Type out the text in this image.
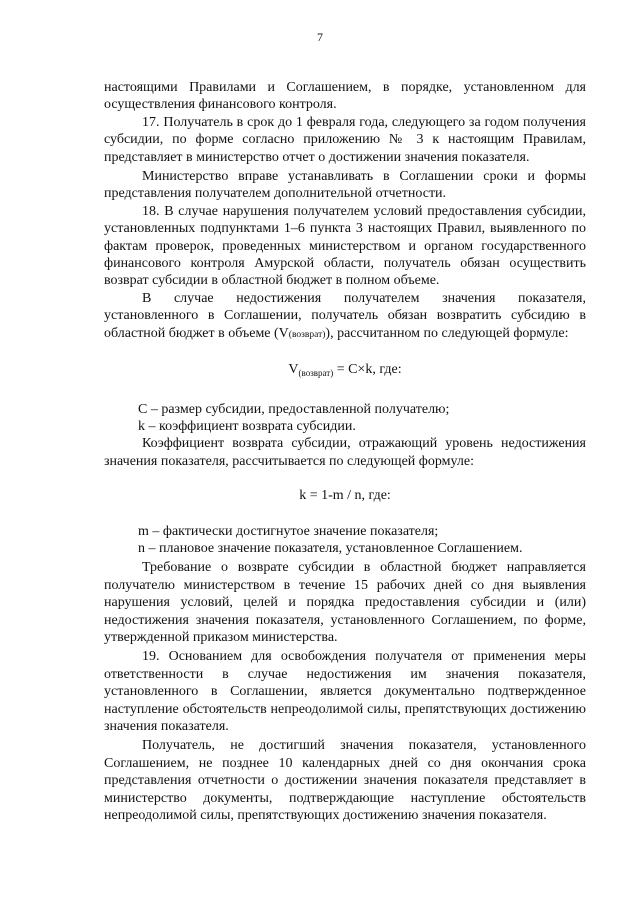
7

настоящими Правилами и Соглашением, в порядке, установленном для осуществления финансового контроля.

17. Получатель в срок до 1 февраля года, следующего за годом получения субсидии, по форме согласно приложению № 3 к настоящим Правилам, представляет в министерство отчет о достижении значения показателя.

Министерство вправе устанавливать в Соглашении сроки и формы представления получателем дополнительной отчетности.

18. В случае нарушения получателем условий предоставления субсидии, установленных подпунктами 1–6 пункта 3 настоящих Правил, выявленного по фактам проверок, проведенных министерством и органом государственного финансового контроля Амурской области, получатель обязан осуществить возврат субсидии в областной бюджет в полном объеме.

В случае недостижения получателем значения показателя, установленного в Соглашении, получатель обязан возвратить субсидию в областной бюджет в объеме (V(возврат)), рассчитанном по следующей формуле:

$V_{(возврат)} = C\times k$, где:

C – размер субсидии, предоставленной получателю;

k – коэффициент возврата субсидии.

Коэффициент возврата субсидии, отражающий уровень недостижения значения показателя, рассчитывается по следующей формуле:

k = 1-m / n, где:

m – фактически достигнутое значение показателя;

n – плановое значение показателя, установленное Соглашением.

Требование о возврате субсидии в областной бюджет направляется получателю министерством в течение 15 рабочих дней со дня выявления нарушения условий, целей и порядка предоставления субсидии и (или) недостижения значения показателя, установленного Соглашением, по форме, утвержденной приказом министерства.

19. Основанием для освобождения получателя от применения меры ответственности в случае недостижения им значения показателя, установленного в Соглашении, является документально подтвержденное наступление обстоятельств непреодолимой силы, препятствующих достижению значения показателя.

Получатель, не достигший значения показателя, установленного Соглашением, не позднее 10 календарных дней со дня окончания срока представления отчетности о достижении значения показателя представляет в министерство документы, подтверждающие наступление обстоятельств непреодолимой силы, препятствующих достижению значения показателя.
